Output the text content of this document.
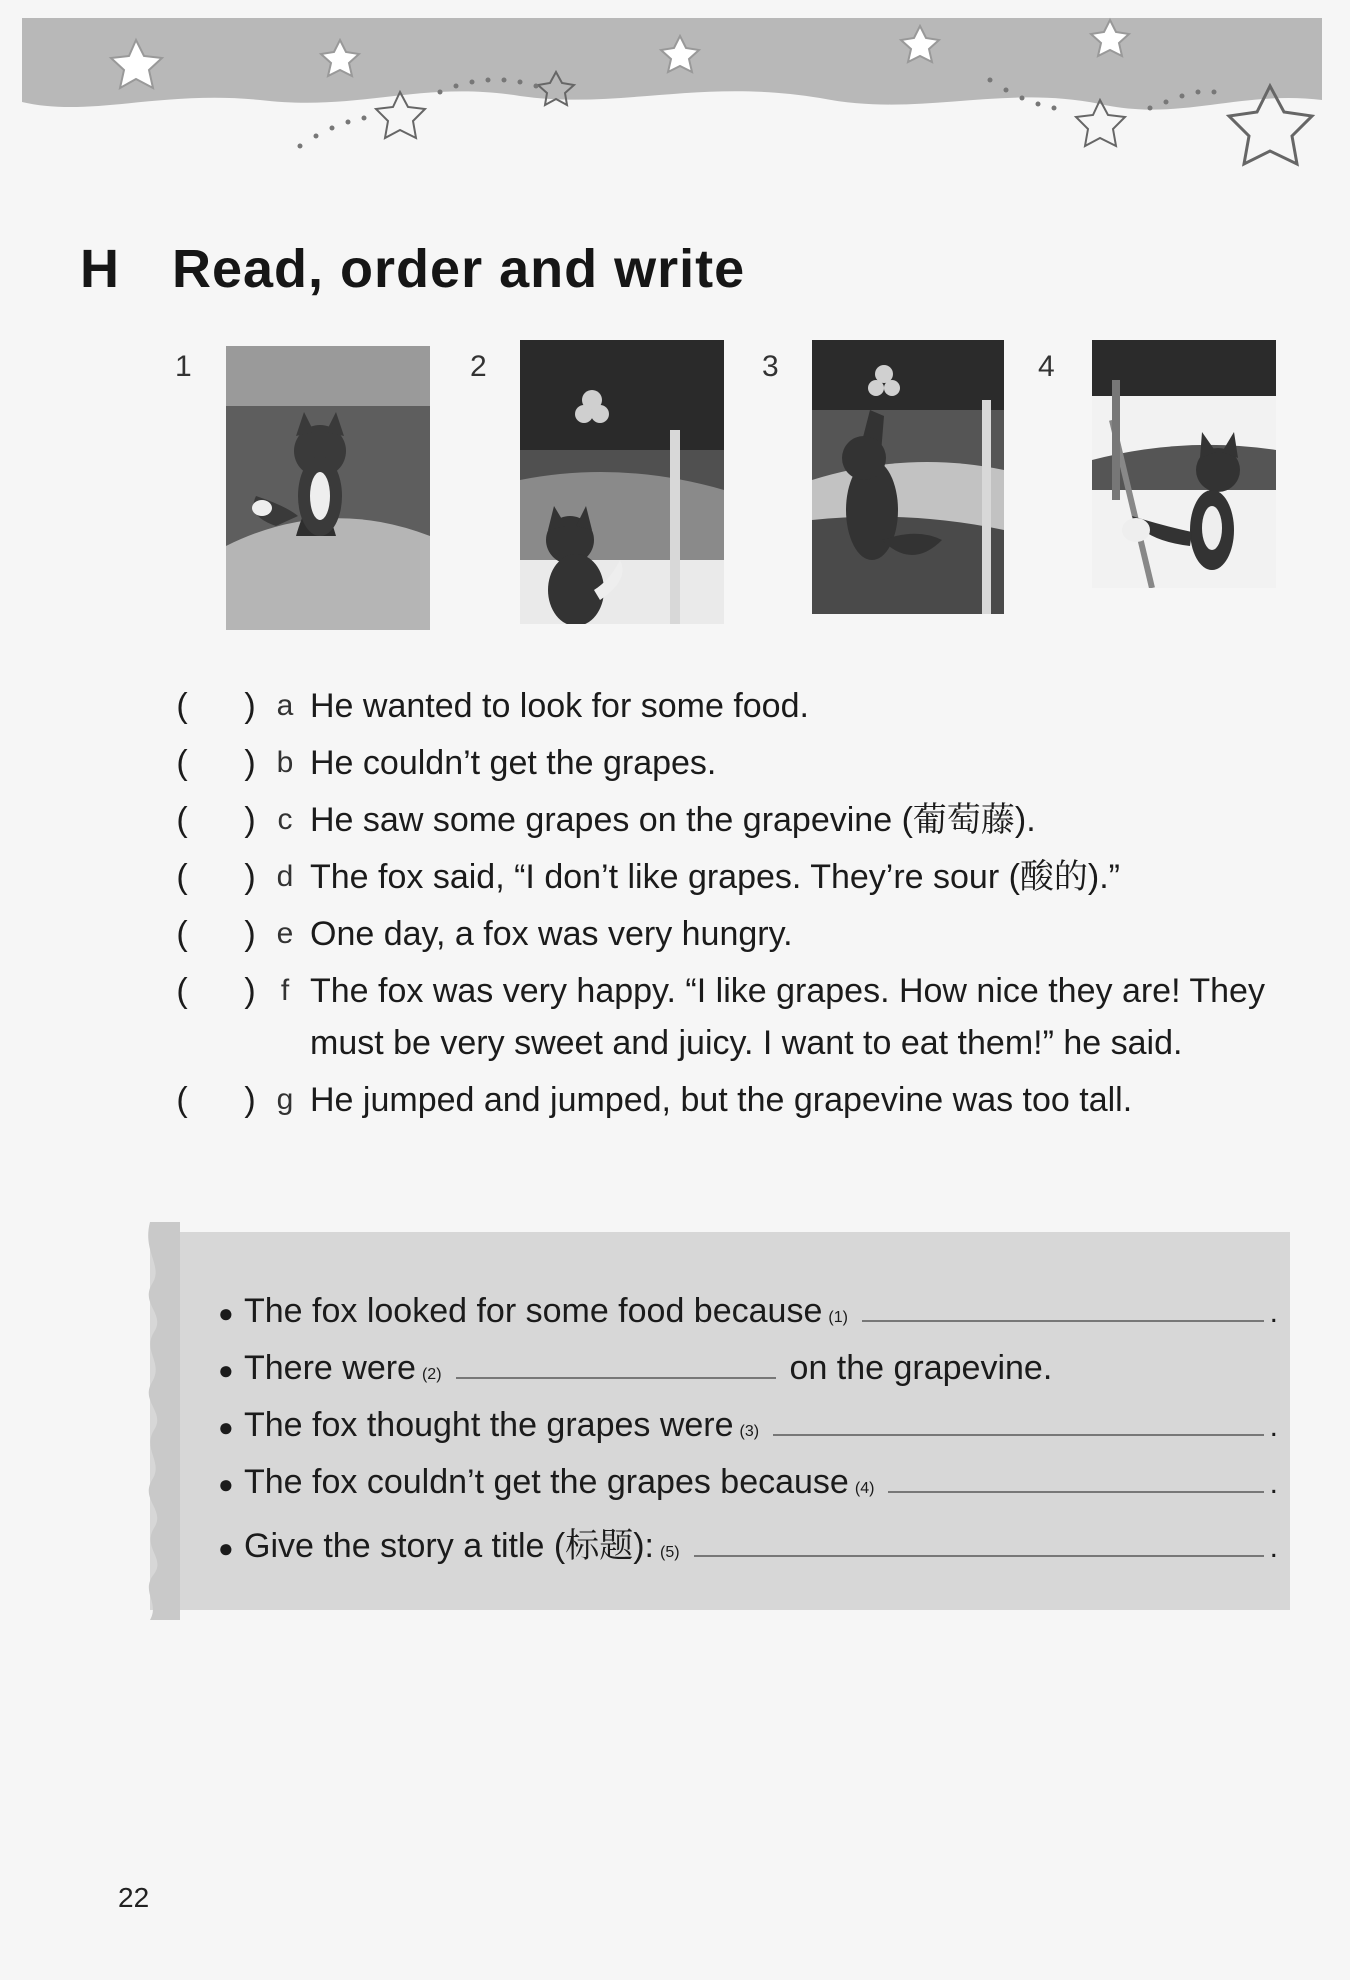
H Read, order and write
1	2	3	4
( ) a He wanted to look for some food.
( ) b He couldn’t get the grapes.
( ) c He saw some grapes on the grapevine (葡萄藤).
( ) d The fox said, “I don’t like grapes. They’re sour (酸的).”
( ) e One day, a fox was very hungry.
( ) f The fox was very happy. “I like grapes. How nice they are! They must be very sweet and juicy. I want to eat them!” he said.
( ) g He jumped and jumped, but the grapevine was too tall.
● The fox looked for some food because (1)	.
● There were (2)	on the grapevine.
● The fox thought the grapes were (3)	.
● The fox couldn’t get the grapes because (4)	.
● Give the story a title (标题): (5)	.
22
